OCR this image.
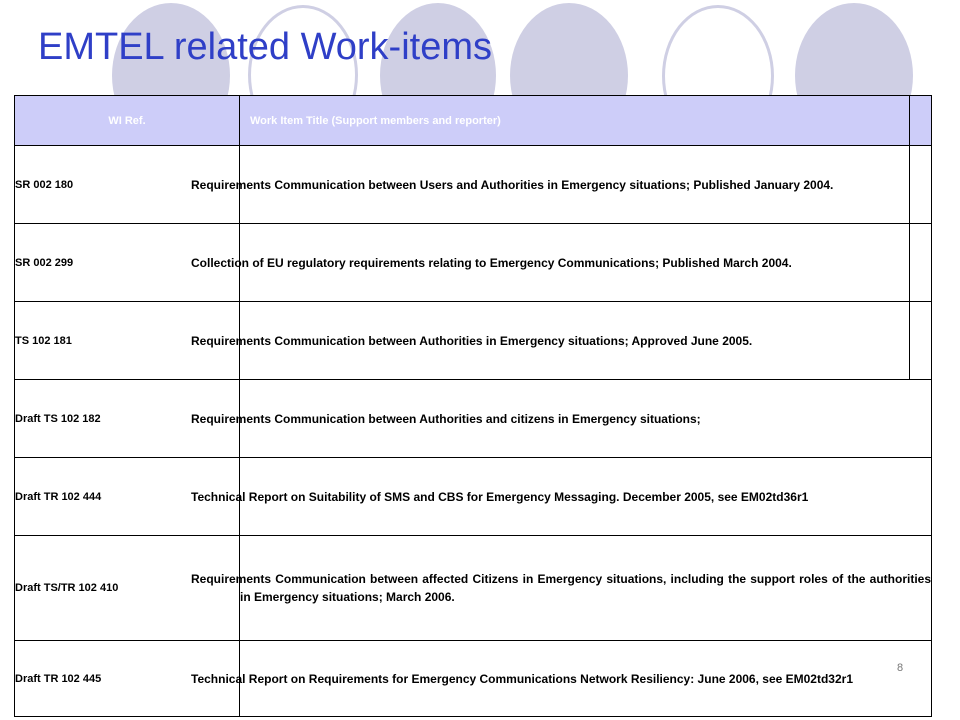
EMTEL related Work-items
WI Ref.	Work Item Title (Support members and reporter)	
SR 002 180	Requirements Communication between Users and Authorities in Emergency situations; Published January 2004.	
SR 002 299	Collection of EU regulatory requirements relating to Emergency Communications; Published March 2004.	
TS 102 181	Requirements Communication between Authorities in Emergency situations; Approved June 2005.	
Draft TS 102 182	Requirements Communication between Authorities and citizens in Emergency situations;	
Draft TR 102 444	Technical Report on Suitability of SMS and CBS for Emergency Messaging. December 2005, see EM02td36r1	
Draft TS/TR 102 410	Requirements Communication between affected Citizens in Emergency situations, including the support roles of the authorities in Emergency situations; March 2006.	
Draft TR 102 445	Technical Report on Requirements for Emergency Communications Network Resiliency: June 2006, see EM02td32r1	
8
